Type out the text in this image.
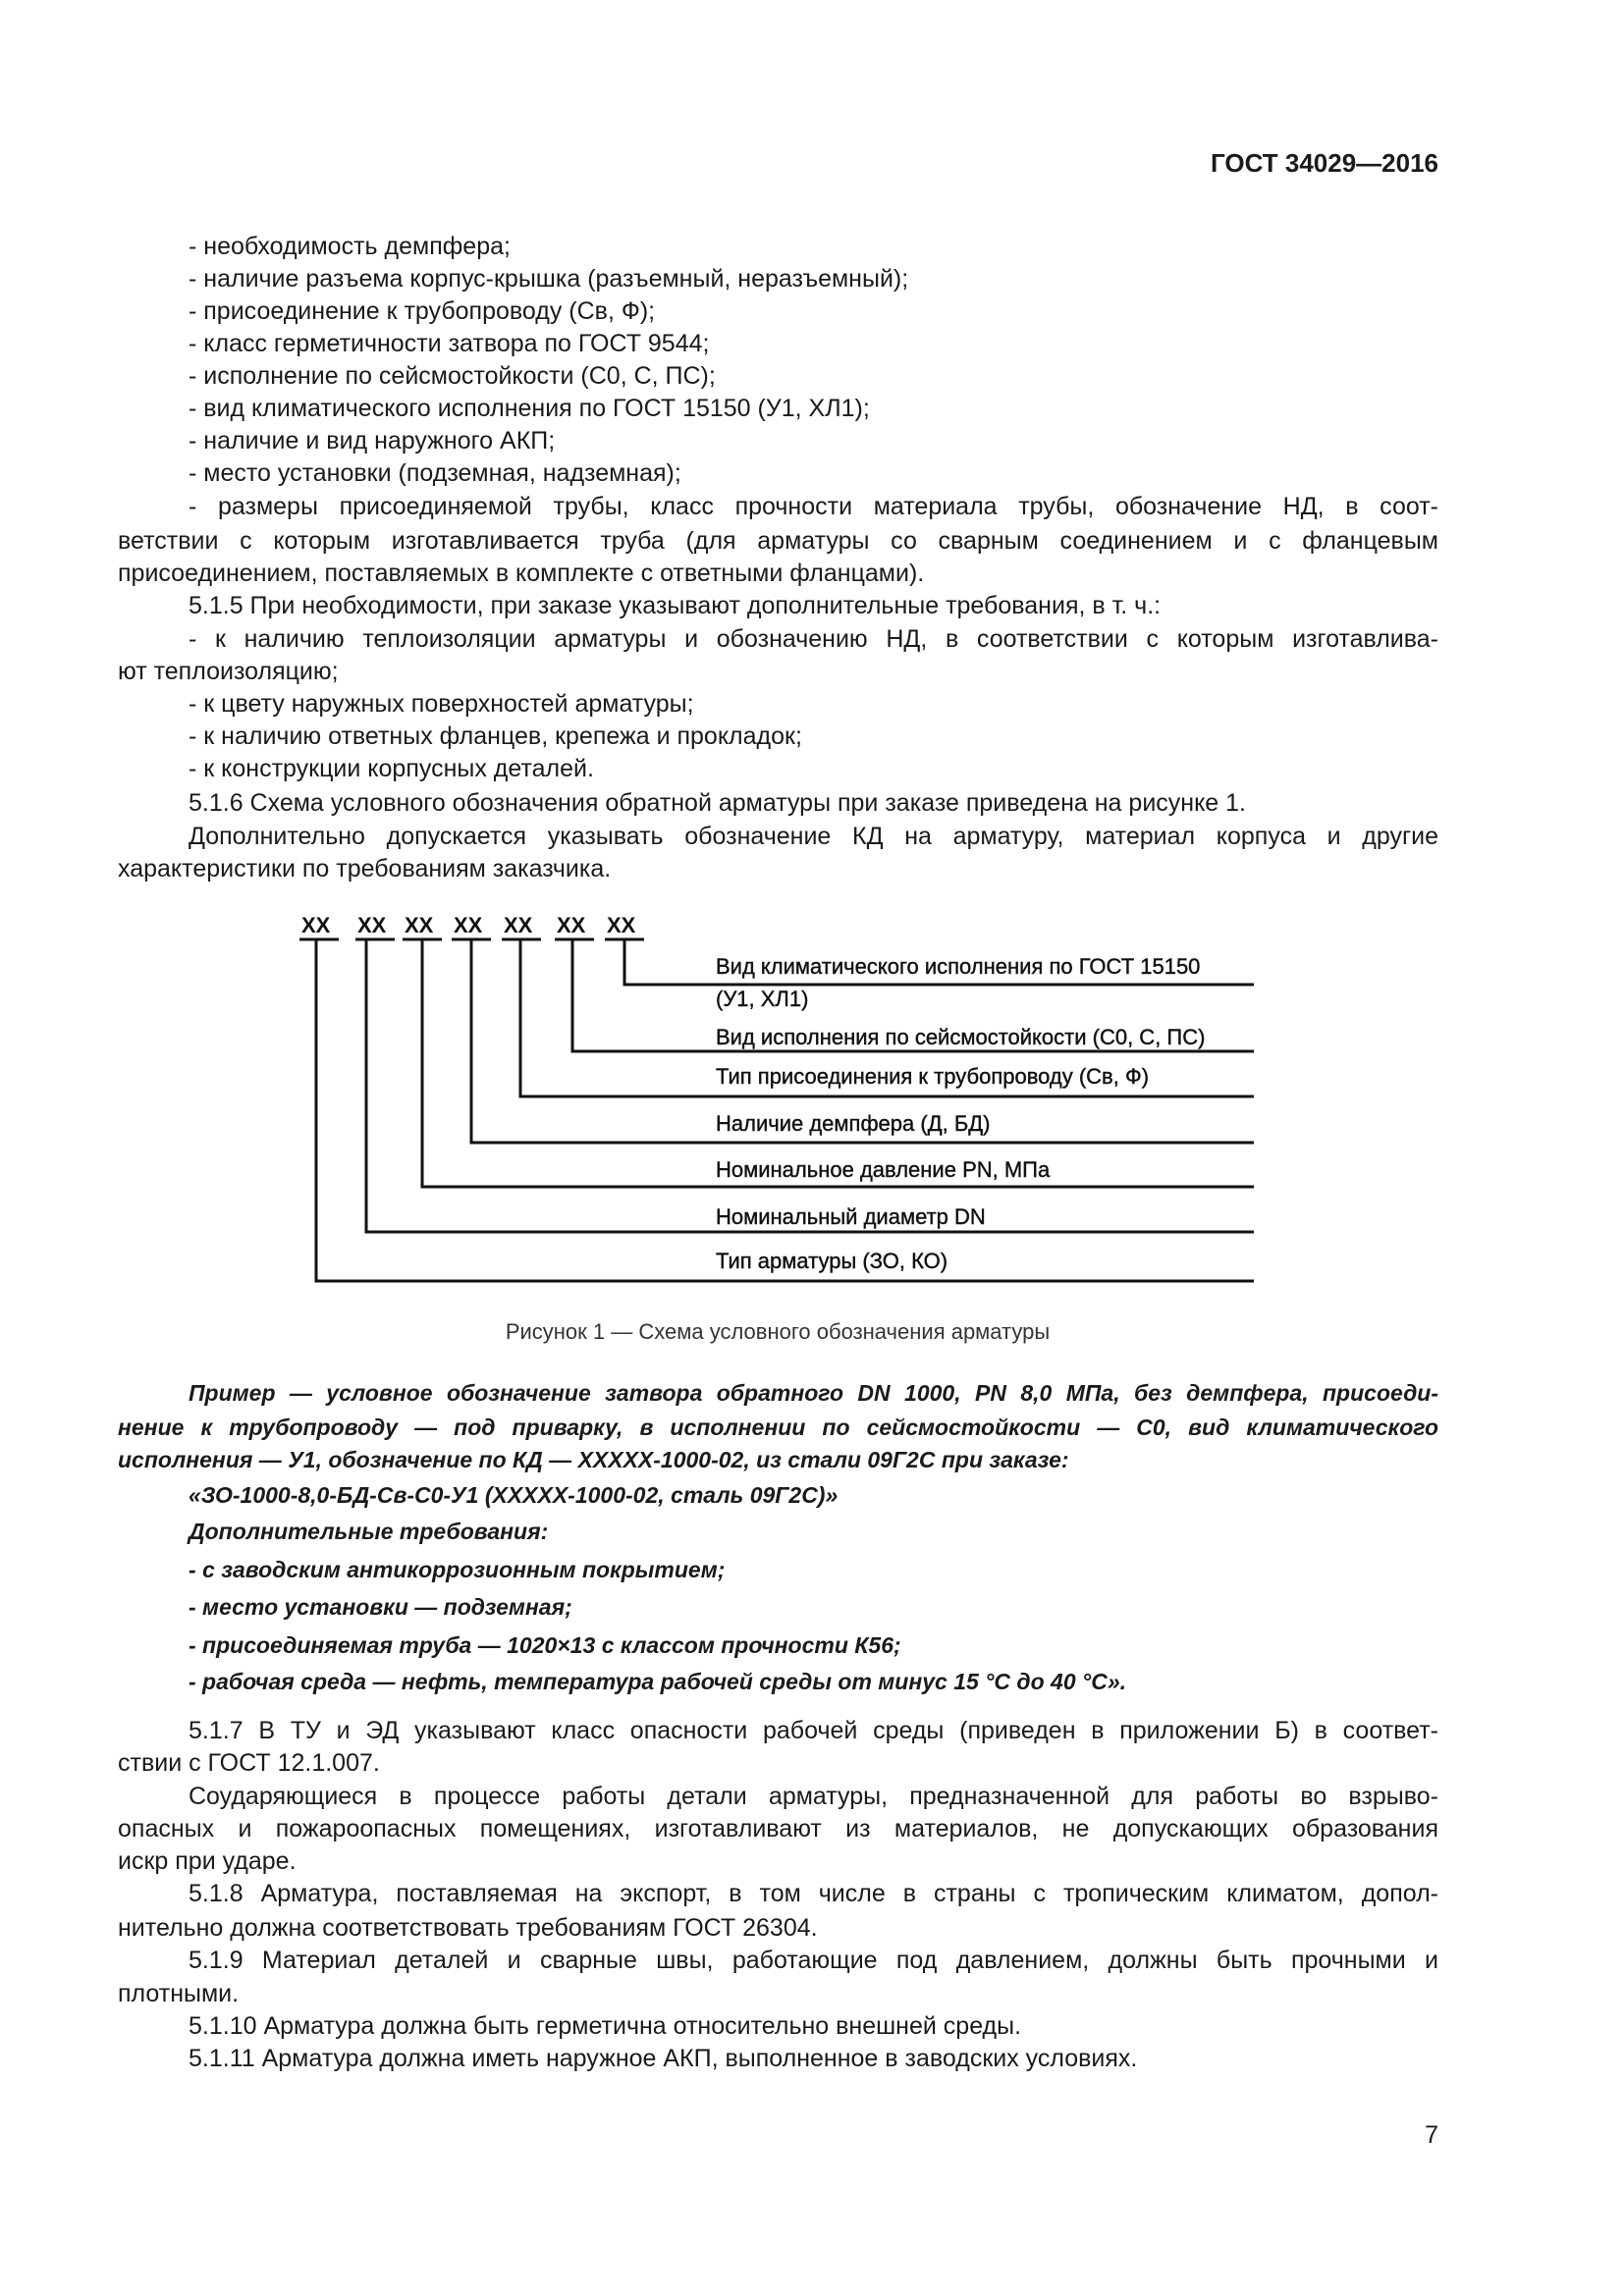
ГОСТ 34029—2016
- необходимость демпфера;
- наличие разъема корпус-крышка (разъемный, неразъемный);
- присоединение к трубопроводу (Св, Ф);
- класс герметичности затвора по ГОСТ 9544;
- исполнение по сейсмостойкости (С0, С, ПС);
- вид климатического исполнения по ГОСТ 15150 (У1, ХЛ1);
- наличие и вид наружного АКП;
- место установки (подземная, надземная);
- размеры присоединяемой трубы, класс прочности материала трубы, обозначение НД, в соот-
ветствии с которым изготавливается труба (для арматуры со сварным соединением и с фланцевым
присоединением, поставляемых в комплекте с ответными фланцами).
5.1.5 При необходимости, при заказе указывают дополнительные требования, в т. ч.:
- к наличию теплоизоляции арматуры и обозначению НД, в соответствии с которым изготавлива-
ют теплоизоляцию;
- к цвету наружных поверхностей арматуры;
- к наличию ответных фланцев, крепежа и прокладок;
- к конструкции корпусных деталей.
5.1.6 Схема условного обозначения обратной арматуры при заказе приведена на рисунке 1.
Дополнительно допускается указывать обозначение КД на арматуру, материал корпуса и другие
характеристики по требованиям заказчика.
Пример — условное обозначение затвора обратного DN 1000, PN 8,0 МПа, без демпфера, присоеди-
нение к трубопроводу — под приварку, в исполнении по сейсмостойкости — С0, вид климатического
исполнения — У1, обозначение по КД — ХХХХХ-1000-02, из стали 09Г2С при заказе:
«ЗО-1000-8,0-БД-Св-С0-У1 (ХХХХХ-1000-02, сталь 09Г2С)»
Дополнительные требования:
- с заводским антикоррозионным покрытием;
- место установки — подземная;
- присоединяемая труба — 1020×13 с классом прочности К56;
- рабочая среда — нефть, температура рабочей среды от минус 15 °С до 40 °С».
5.1.7 В ТУ и ЭД указывают класс опасности рабочей среды (приведен в приложении Б) в соответ-
ствии с ГОСТ 12.1.007.
Соударяющиеся в процессе работы детали арматуры, предназначенной для работы во взрыво-
опасных и пожароопасных помещениях, изготавливают из материалов, не допускающих образования
искр при ударе.
5.1.8 Арматура, поставляемая на экспорт, в том числе в страны с тропическим климатом, допол-
нительно должна соответствовать требованиям ГОСТ 26304.
5.1.9 Материал деталей и сварные швы, работающие под давлением, должны быть прочными и
плотными.
5.1.10 Арматура должна быть герметична относительно внешней среды.
5.1.11 Арматура должна иметь наружное АКП, выполненное в заводских условиях.
XX XX XX XX XX XX XX
Вид климатического исполнения по ГОСТ 15150
(У1, ХЛ1)
Вид исполнения по сейсмостойкости (С0, С, ПС)
Тип присоединения к трубопроводу (Св, Ф)
Наличие демпфера (Д, БД)
Номинальное давление PN, МПа
Номинальный диаметр DN
Тип арматуры (ЗО, КО)
Рисунок 1 — Схема условного обозначения арматуры
7
